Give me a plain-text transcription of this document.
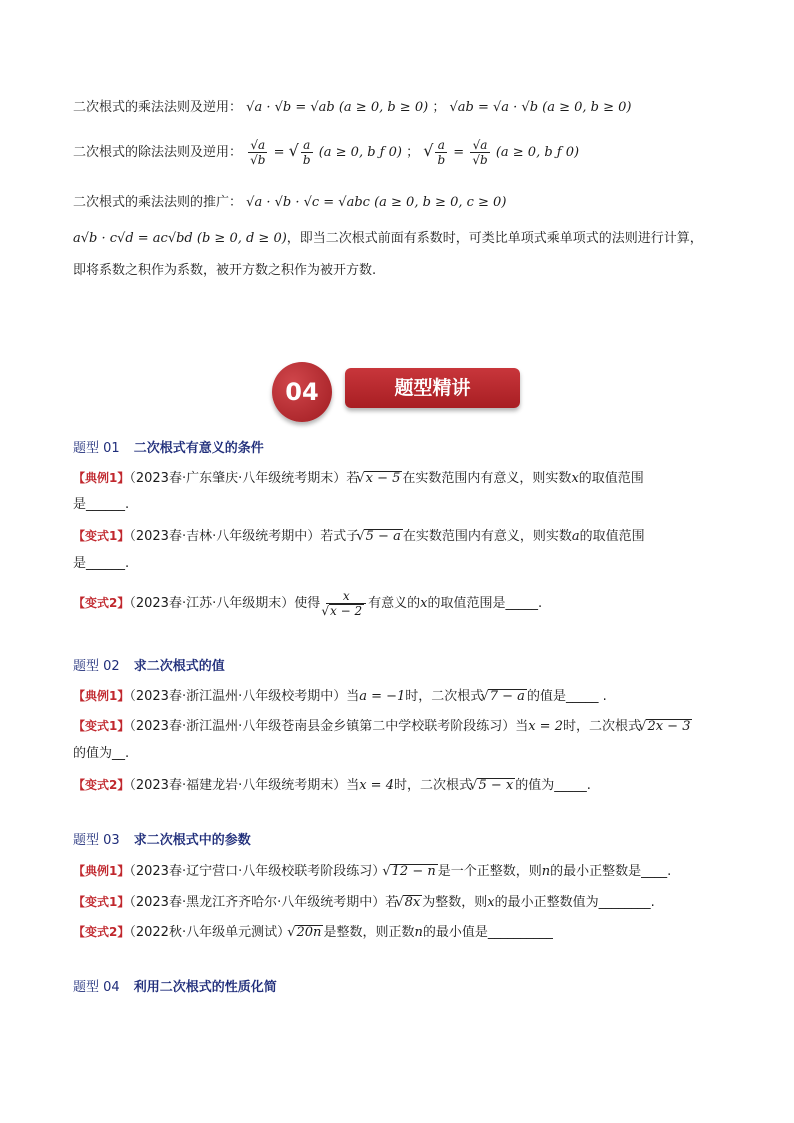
二次根式的乘法法则及逆用： √a · √b = √ab (a ≥ 0, b ≥ 0) ； √ab = √a · √b (a ≥ 0, b ≥ 0)
二次根式的除法法则及逆用： $\frac{√a}{√b}$ = √ $\frac{a}{b} (a \ge 0$, b ƒ 0) ； √ $\frac{a}{b} = \frac{√a}{√b} (a \ge 0$, b ƒ 0)
二次根式的乘法法则的推广： √a · √b · √c = √abc (a ≥ 0, b ≥ 0, c ≥ 0)
a√b · c√d = ac√bd (b ≥ 0, d ≥ 0)，即当二次根式前面有系数时，可类比单项式乘单项式的法则进行计算，
即将系数之积作为系数，被开方数之积作为被开方数.
题型精讲
04
题型 01 二次根式有意义的条件
【典例1】（2023春·广东肇庆·八年级统考期末）若 √ x − 5 在实数范围内有意义，则实数x的取值范围
是______.
【变式1】（2023春·吉林·八年级统考期中）若式子 √ 5 − a 在实数范围内有意义，则实数a的取值范围
是______.
【变式2】（2023春·江苏·八年级期末）使得 x
√ x − 2 有意义的x的取值范围是_____.
题型 02 求二次根式的值
【典例1】（2023春·浙江温州·八年级校考期中）当a = −1时，二次根式 √ 7 − a 的值是_____ .
【变式1】（2023春·浙江温州·八年级苍南县金乡镇第二中学校联考阶段练习）当x = 2时，二次根式 √ 2x − 3
的值为__.
【变式2】（2023春·福建龙岩·八年级统考期末）当x = 4时，二次根式 √ 5 − x 的值为_____.
题型 03 求二次根式中的参数
【典例1】（2023春·辽宁营口·八年级校联考阶段练习） √ 12 − n 是一个正整数，则n的最小正整数是____.
【变式1】（2023春·黑龙江齐齐哈尔·八年级统考期中）若 √ 8x 为整数，则x的最小正整数值为________.
【变式2】（2022秋·八年级单元测试） √ 20n 是整数，则正数n的最小值是__________
题型 04 利用二次根式的性质化简
